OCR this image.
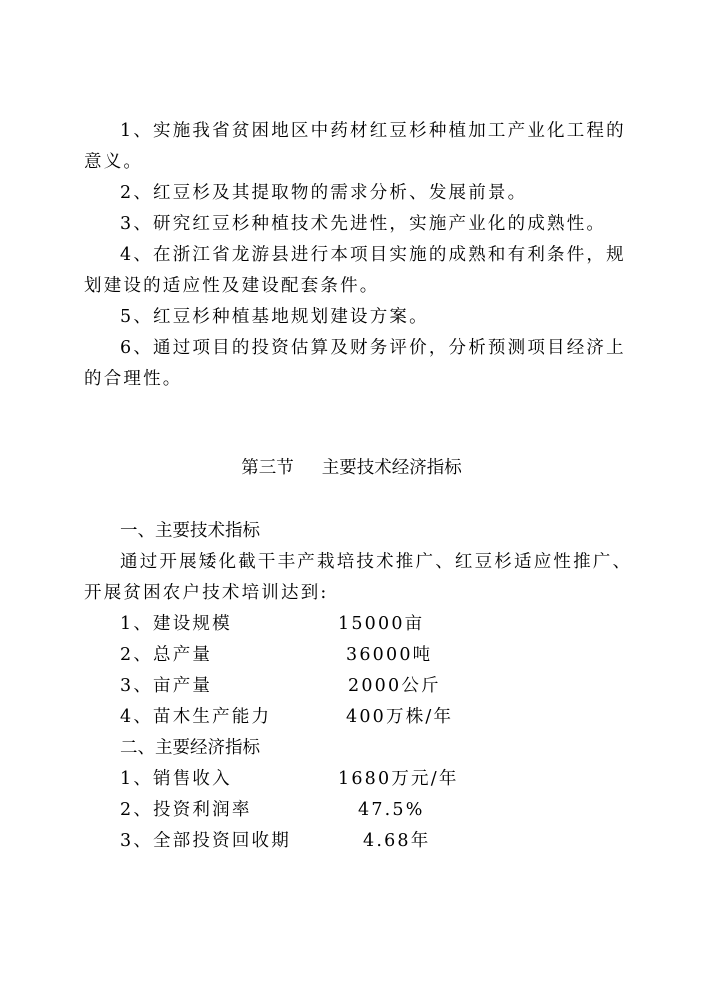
1、实施我省贫困地区中药材红豆杉种植加工产业化工程的
意义。
2、红豆杉及其提取物的需求分析、发展前景。
3、研究红豆杉种植技术先进性，实施产业化的成熟性。
4、在浙江省龙游县进行本项目实施的成熟和有利条件，规
划建设的适应性及建设配套条件。
5、红豆杉种植基地规划建设方案。
6、通过项目的投资估算及财务评价，分析预测项目经济上
的合理性。
第三节 主要技术经济指标
一、主要技术指标
通过开展矮化截干丰产栽培技术推广、红豆杉适应性推广、
开展贫困农户技术培训达到:
1、建设规模	15000亩
2、总产量	36000吨
3、亩产量	2000公斤
4、苗木生产能力	400万株/年
二、主要经济指标
1、销售收入	1680万元/年
2、投资利润率	47.5%
3、全部投资回收期	4.68年
